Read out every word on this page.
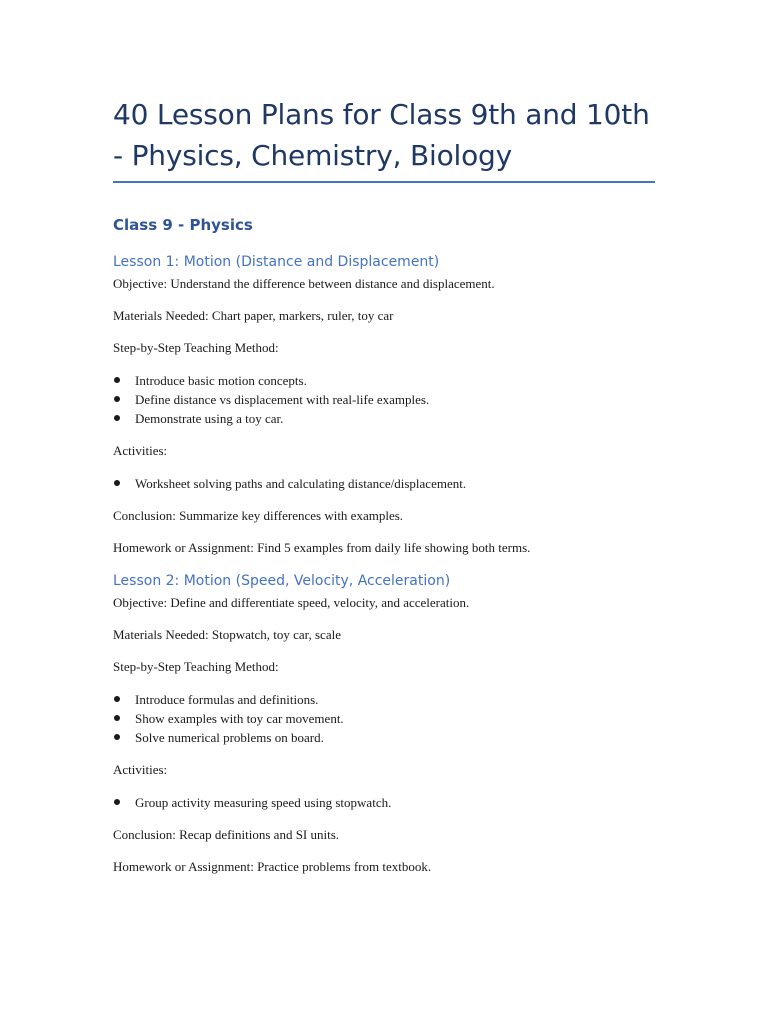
40 Lesson Plans for Class 9th and 10th - Physics, Chemistry, Biology
Class 9 - Physics
Lesson 1: Motion (Distance and Displacement)

Objective: Understand the difference between distance and displacement.

Materials Needed: Chart paper, markers, ruler, toy car

Step-by-Step Teaching Method:

Introduce basic motion concepts.
Define distance vs displacement with real-life examples.
Demonstrate using a toy car.

Activities:

Worksheet solving paths and calculating distance/displacement.

Conclusion: Summarize key differences with examples.

Homework or Assignment: Find 5 examples from daily life showing both terms.

Lesson 2: Motion (Speed, Velocity, Acceleration)

Objective: Define and differentiate speed, velocity, and acceleration.

Materials Needed: Stopwatch, toy car, scale

Step-by-Step Teaching Method:

Introduce formulas and definitions.
Show examples with toy car movement.
Solve numerical problems on board.

Activities:

Group activity measuring speed using stopwatch.

Conclusion: Recap definitions and SI units.

Homework or Assignment: Practice problems from textbook.
